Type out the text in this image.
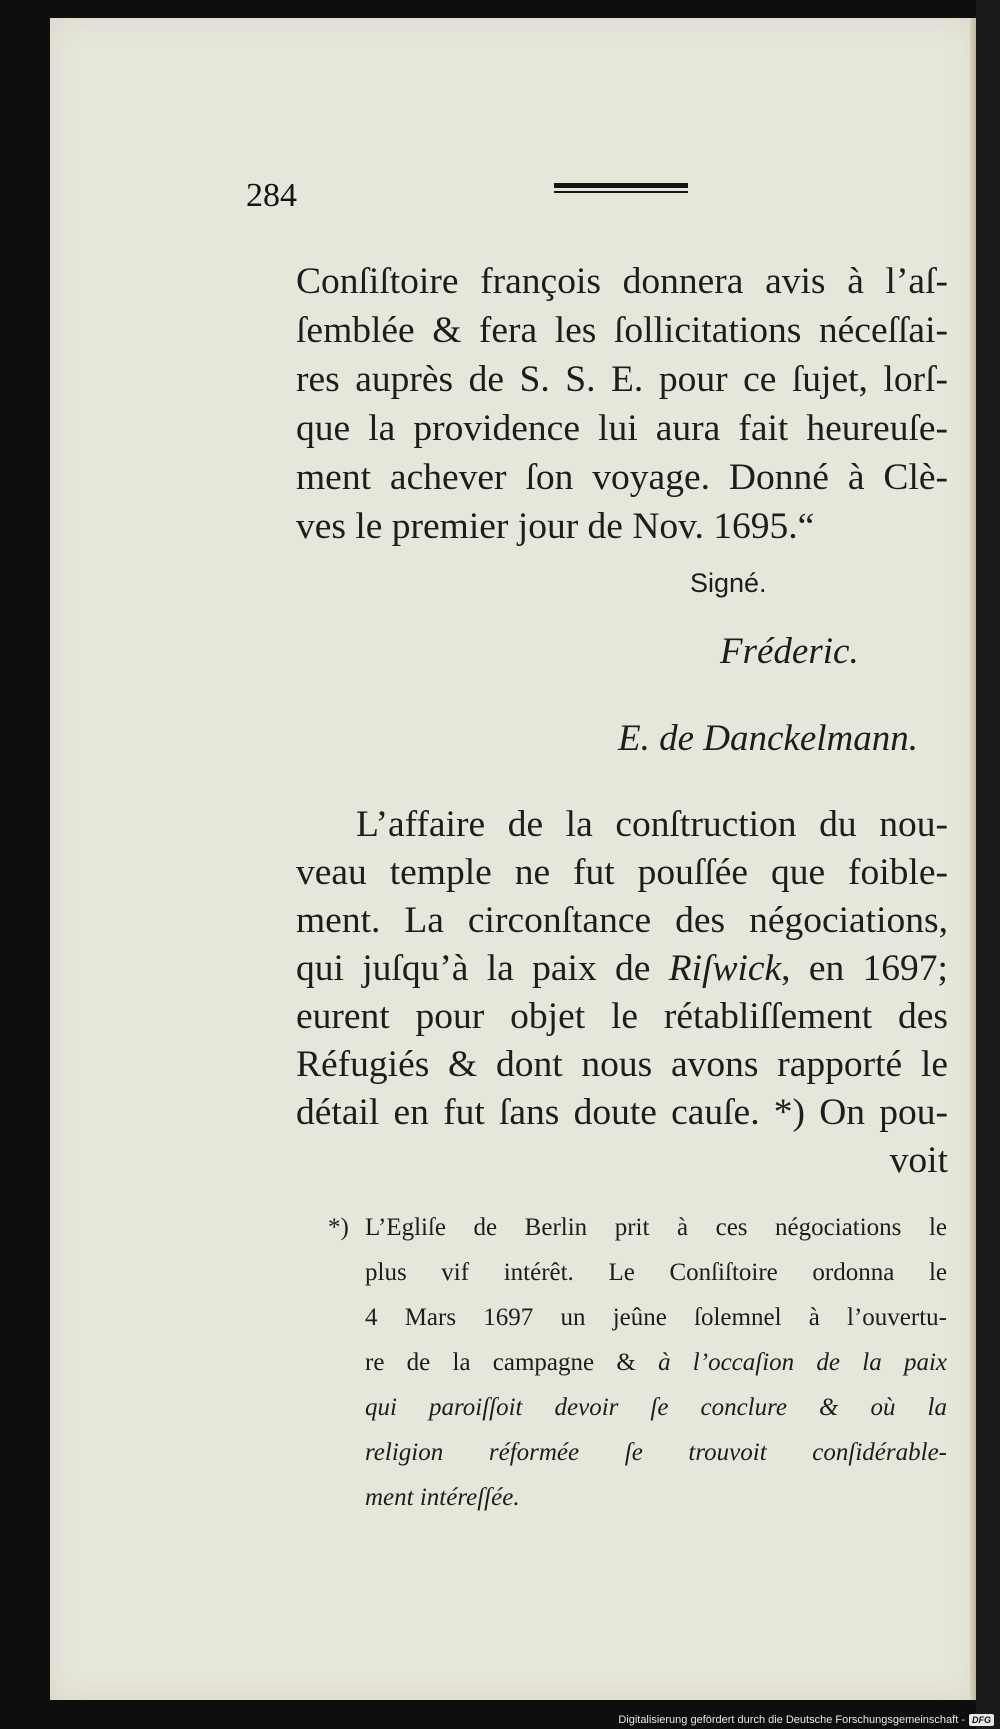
284
Conſiſtoire françois donnera avis à l’aſ-
ſemblée & fera les ſollicitations néceſſai-
res auprès de S. S. E. pour ce ſujet, lorſ-
que la providence lui aura fait heureuſe-
ment achever ſon voyage. Donné à Clè-
ves le premier jour de Nov. 1695.“
Signé.
Fréderic.
E. de Danckelmann.
L’affaire de la conſtruction du nou-
veau temple ne fut pouſſée que foible-
ment. La circonſtance des négociations,
qui juſqu’à la paix de Riſwick, en 1697;
eurent pour objet le rétabliſſement des
Réfugiés & dont nous avons rapporté le
détail en fut ſans doute cauſe. *) On pou-
voit
*) L’Egliſe de Berlin prit à ces négociations le
plus vif intérêt. Le Conſiſtoire ordonna le
4 Mars 1697 un jeûne ſolemnel à l’ouvertu-
re de la campagne & à l’occaſion de la paix
qui paroiſſoit devoir ſe conclure & où la
religion réformée ſe trouvoit conſidérable-
ment intéreſſée.
Digitalisierung gefördert durch die Deutsche Forschungsgemeinschaft - DFG
